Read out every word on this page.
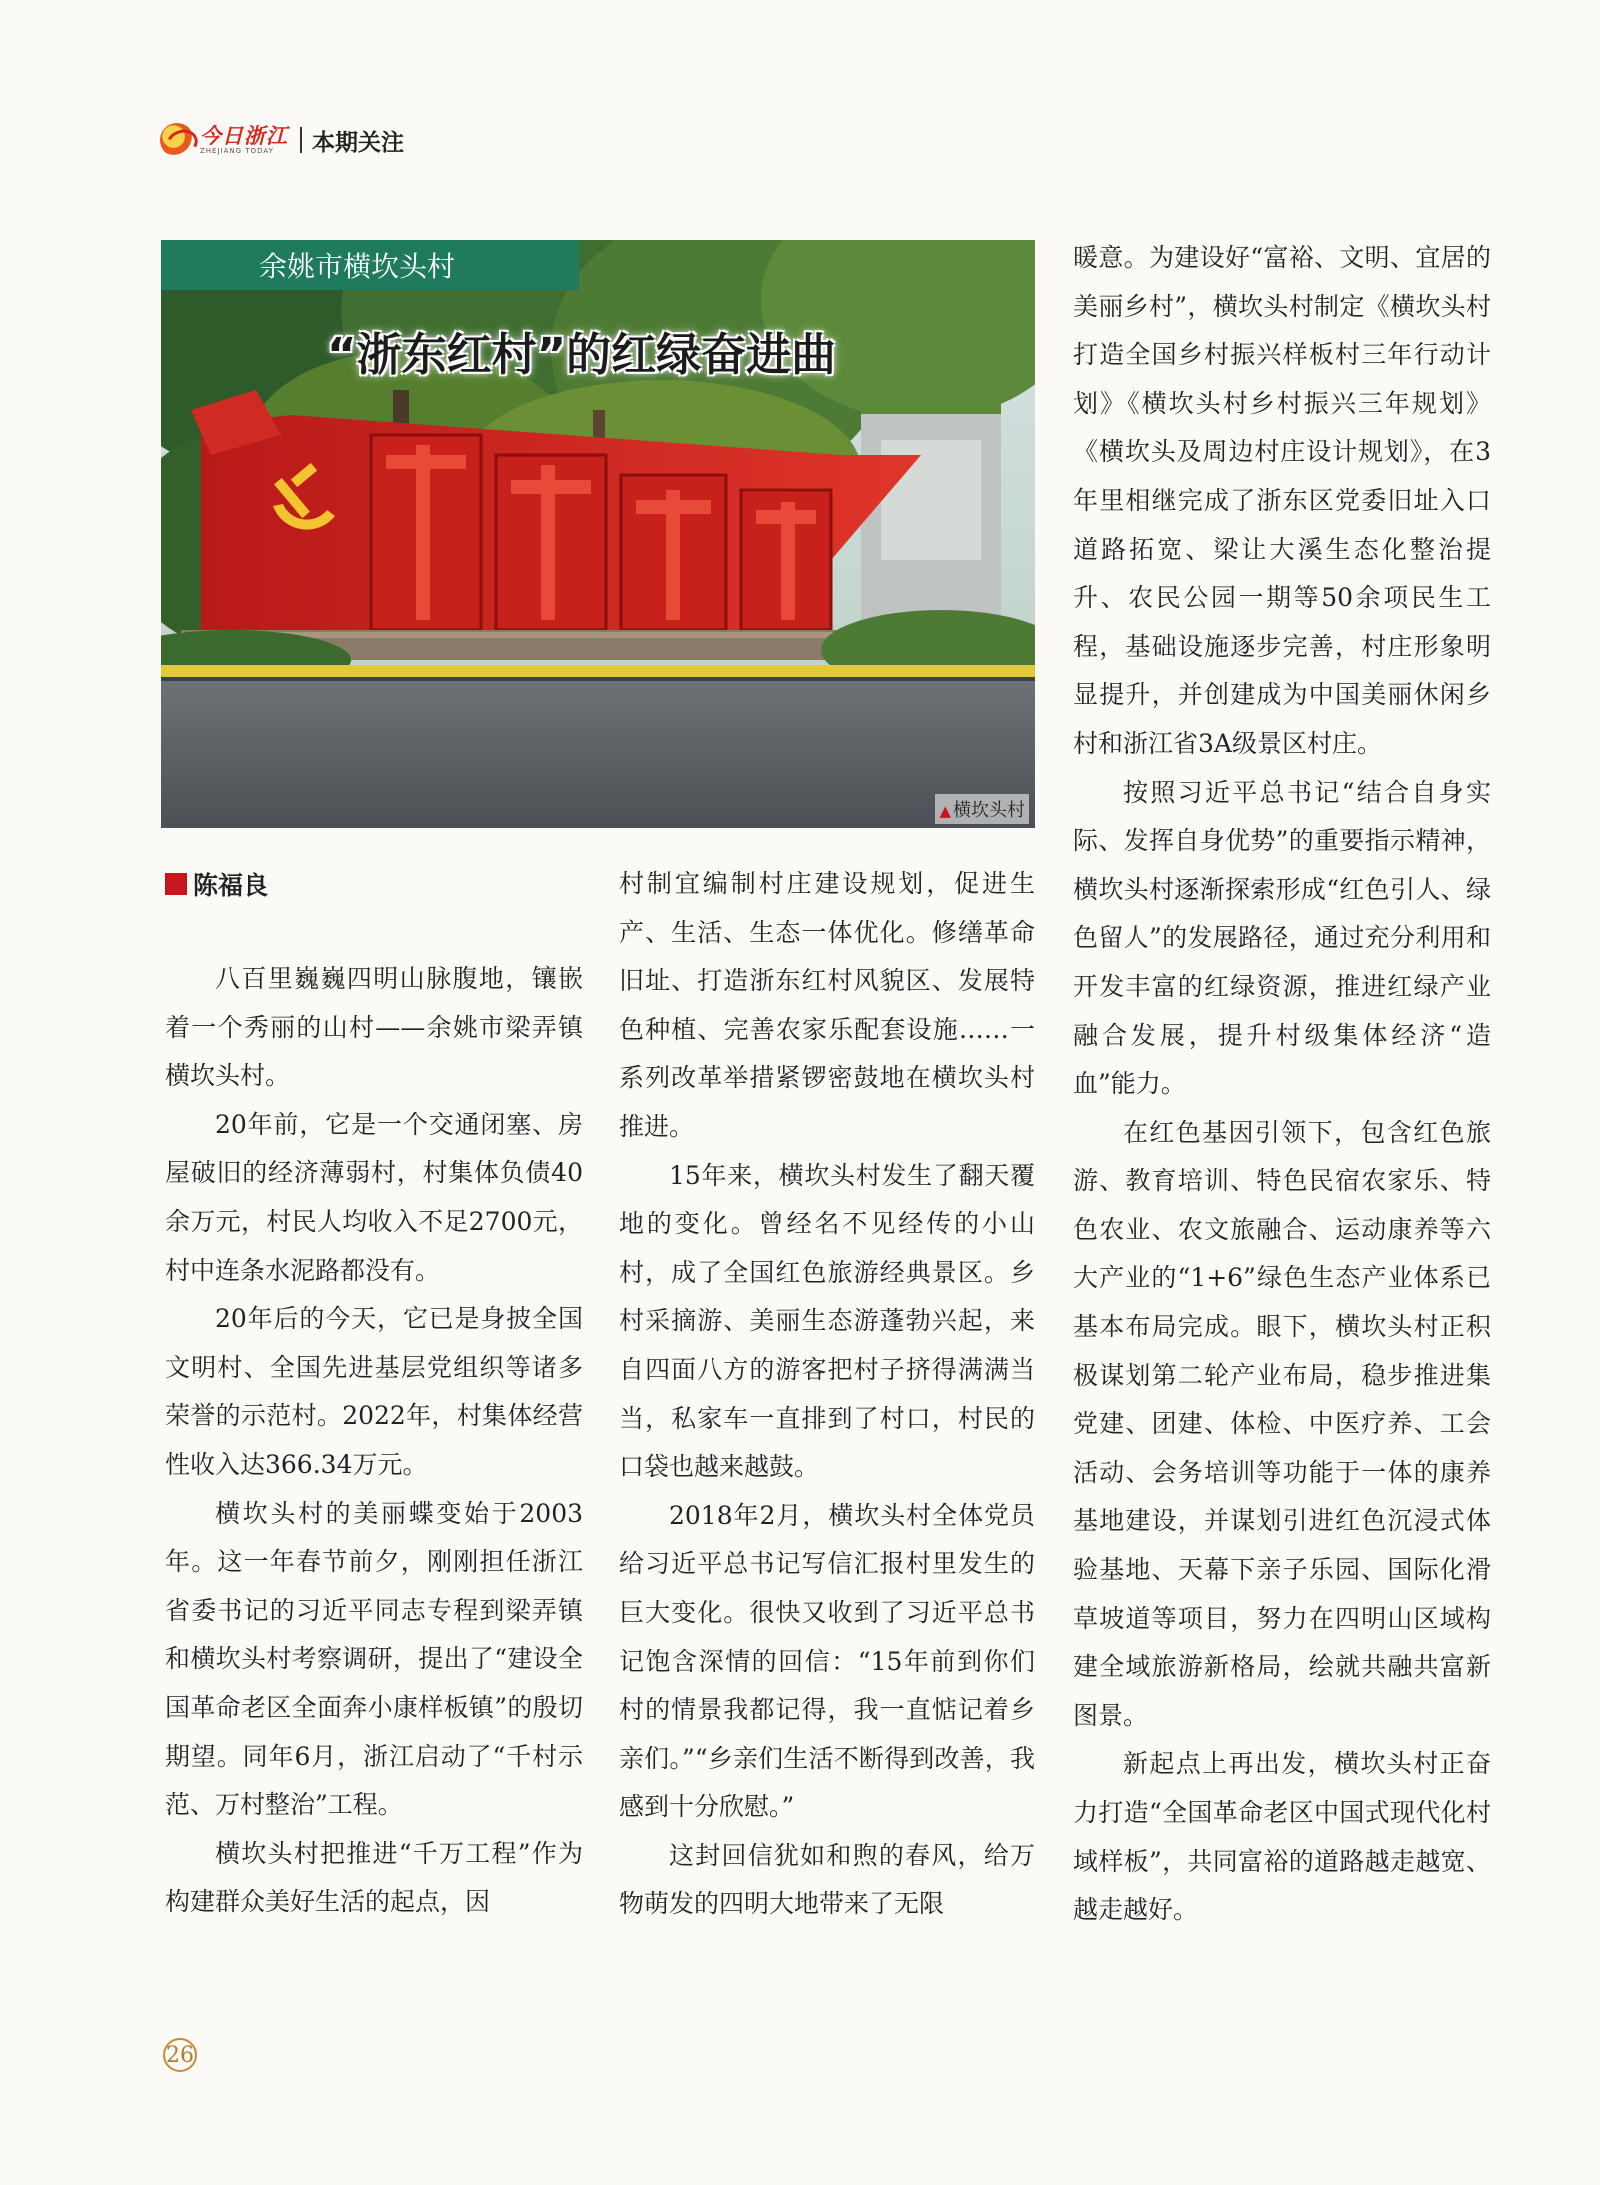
今日浙江
ZHEJIANG TODAY	本期关注
余姚市横坎头村
“浙东红村”的红绿奋进曲
▲ 横坎头村
陈福良

八百里巍巍四明山脉腹地，镶嵌着一个秀丽的山村——余姚市梁弄镇横坎头村。

20年前，它是一个交通闭塞、房屋破旧的经济薄弱村，村集体负债40余万元，村民人均收入不足2700元，村中连条水泥路都没有。

20年后的今天，它已是身披全国文明村、全国先进基层党组织等诸多荣誉的示范村。2022年，村集体经营性收入达366.34万元。

横坎头村的美丽蝶变始于2003年。这一年春节前夕，刚刚担任浙江省委书记的习近平同志专程到梁弄镇和横坎头村考察调研，提出了“建设全国革命老区全面奔小康样板镇”的殷切期望。同年6月，浙江启动了“千村示范、万村整治”工程。

横坎头村把推进“千万工程”作为构建群众美好生活的起点，因

村制宜编制村庄建设规划，促进生产、生活、生态一体优化。修缮革命旧址、打造浙东红村风貌区、发展特色种植、完善农家乐配套设施……一系列改革举措紧锣密鼓地在横坎头村推进。

15年来，横坎头村发生了翻天覆地的变化。曾经名不见经传的小山村，成了全国红色旅游经典景区。乡村采摘游、美丽生态游蓬勃兴起，来自四面八方的游客把村子挤得满满当当，私家车一直排到了村口，村民的口袋也越来越鼓。

2018年2月，横坎头村全体党员给习近平总书记写信汇报村里发生的巨大变化。很快又收到了习近平总书记饱含深情的回信：“15年前到你们村的情景我都记得，我一直惦记着乡亲们。”“乡亲们生活不断得到改善，我感到十分欣慰。”

这封回信犹如和煦的春风，给万物萌发的四明大地带来了无限

暖意。为建设好“富裕、文明、宜居的美丽乡村”，横坎头村制定《横坎头村打造全国乡村振兴样板村三年行动计划》《横坎头村乡村振兴三年规划》《横坎头及周边村庄设计规划》，在3年里相继完成了浙东区党委旧址入口道路拓宽、梁让大溪生态化整治提升、农民公园一期等50余项民生工程，基础设施逐步完善，村庄形象明显提升，并创建成为中国美丽休闲乡村和浙江省3A级景区村庄。

按照习近平总书记“结合自身实际、发挥自身优势”的重要指示精神，横坎头村逐渐探索形成“红色引人、绿色留人”的发展路径，通过充分利用和开发丰富的红绿资源，推进红绿产业融合发展，提升村级集体经济“造血”能力。

在红色基因引领下，包含红色旅游、教育培训、特色民宿农家乐、特色农业、农文旅融合、运动康养等六大产业的“1+6”绿色生态产业体系已基本布局完成。眼下，横坎头村正积极谋划第二轮产业布局，稳步推进集党建、团建、体检、中医疗养、工会活动、会务培训等功能于一体的康养基地建设，并谋划引进红色沉浸式体验基地、天幕下亲子乐园、国际化滑草坡道等项目，努力在四明山区域构建全域旅游新格局，绘就共融共富新图景。

新起点上再出发，横坎头村正奋力打造“全国革命老区中国式现代化村域样板”，共同富裕的道路越走越宽、越走越好。

26
